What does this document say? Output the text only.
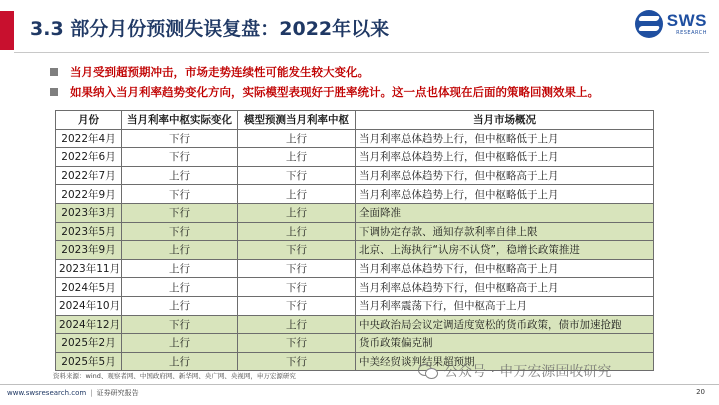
3.3 部分月份预测失误复盘：2022年以来	SWS
RESEARCH
当月受到超预期冲击，市场走势连续性可能发生较大变化。
如果纳入当月利率趋势变化方向，实际模型表现好于胜率统计。这一点也体现在后面的策略回测效果上。
月份	当月利率中枢实际变化	模型预测当月利率中枢	当月市场概况
2022年4月	下行	上行	当月利率总体趋势上行，但中枢略低于上月
2022年6月	下行	上行	当月利率总体趋势上行，但中枢略低于上月
2022年7月	上行	下行	当月利率总体趋势下行，但中枢略高于上月
2022年9月	下行	上行	当月利率总体趋势上行，但中枢略低于上月
2023年3月	下行	上行	全面降准
2023年5月	下行	上行	下调协定存款、通知存款利率自律上限
2023年9月	上行	下行	北京、上海执行“认房不认贷”，稳增长政策推进
2023年11月	上行	下行	当月利率总体趋势下行，但中枢略高于上月
2024年5月	上行	下行	当月利率总体趋势下行，但中枢略高于上月
2024年10月	上行	下行	当月利率震荡下行，但中枢高于上月
2024年12月	下行	上行	中央政治局会议定调适度宽松的货币政策，债市加速抢跑
2025年2月	上行	下行	货币政策偏克制
2025年5月	上行	下行	中美经贸谈判结果超预期
资料来源：wind、观察者网、中国政府网、新华网、央广网、央视网，申万宏源研究	公众号 · 申万宏源固收研究
www.swsresearch.com | 证券研究报告	20
